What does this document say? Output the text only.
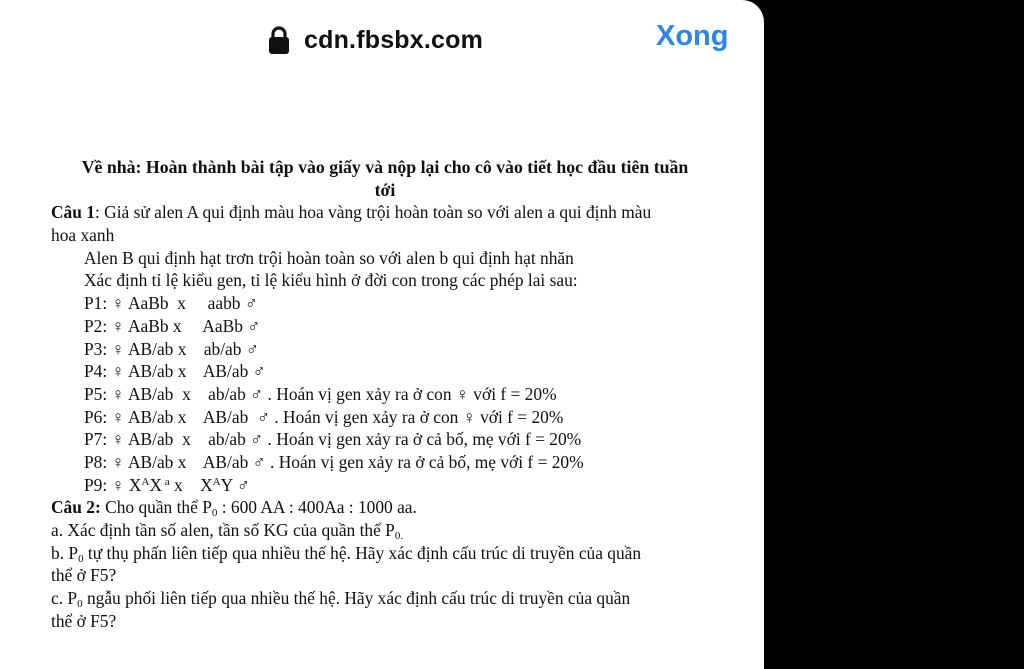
cdn.fbsbx.com	Xong
Về nhà: Hoàn thành bài tập vào giấy và nộp lại cho cô vào tiết học đầu tiên tuần
tới
Câu 1: Giả sử alen A qui định màu hoa vàng trội hoàn toàn so với alen a qui định màu
hoa xanh
Alen B qui định hạt trơn trội hoàn toàn so với alen b qui định hạt nhăn
Xác định tỉ lệ kiểu gen, tỉ lệ kiểu hình ở đời con trong các phép lai sau:
P1: ♀ AaBb  x     aabb ♂
P2: ♀ AaBb x     AaBb ♂
P3: ♀ AB/ab x    ab/ab ♂
P4: ♀ AB/ab x    AB/ab ♂
P5: ♀ AB/ab  x    ab/ab ♂ . Hoán vị gen xảy ra ở con ♀ với f = 20%
P6: ♀ AB/ab x    AB/ab  ♂ . Hoán vị gen xảy ra ở con ♀ với f = 20%
P7: ♀ AB/ab  x    ab/ab ♂ . Hoán vị gen xảy ra ở cả bố, mẹ với f = 20%
P8: ♀ AB/ab x    AB/ab ♂ . Hoán vị gen xảy ra ở cả bố, mẹ với f = 20%
P9: ♀ $X^AX$ $^a$ x    $X^AY$ ♂
Câu 2: Cho quần thể $P_0$ : 600 AA : 400Aa : 1000 aa.
a. Xác định tần số alen, tần số KG của quần thể $P_{0.}$
b. $P_0$ tự thụ phấn liên tiếp qua nhiều thế hệ. Hãy xác định cấu trúc di truyền của quần
thể ở F5?
c. $P_0$ ngẫu phối liên tiếp qua nhiều thế hệ. Hãy xác định cấu trúc di truyền của quần
thể ở F5?
